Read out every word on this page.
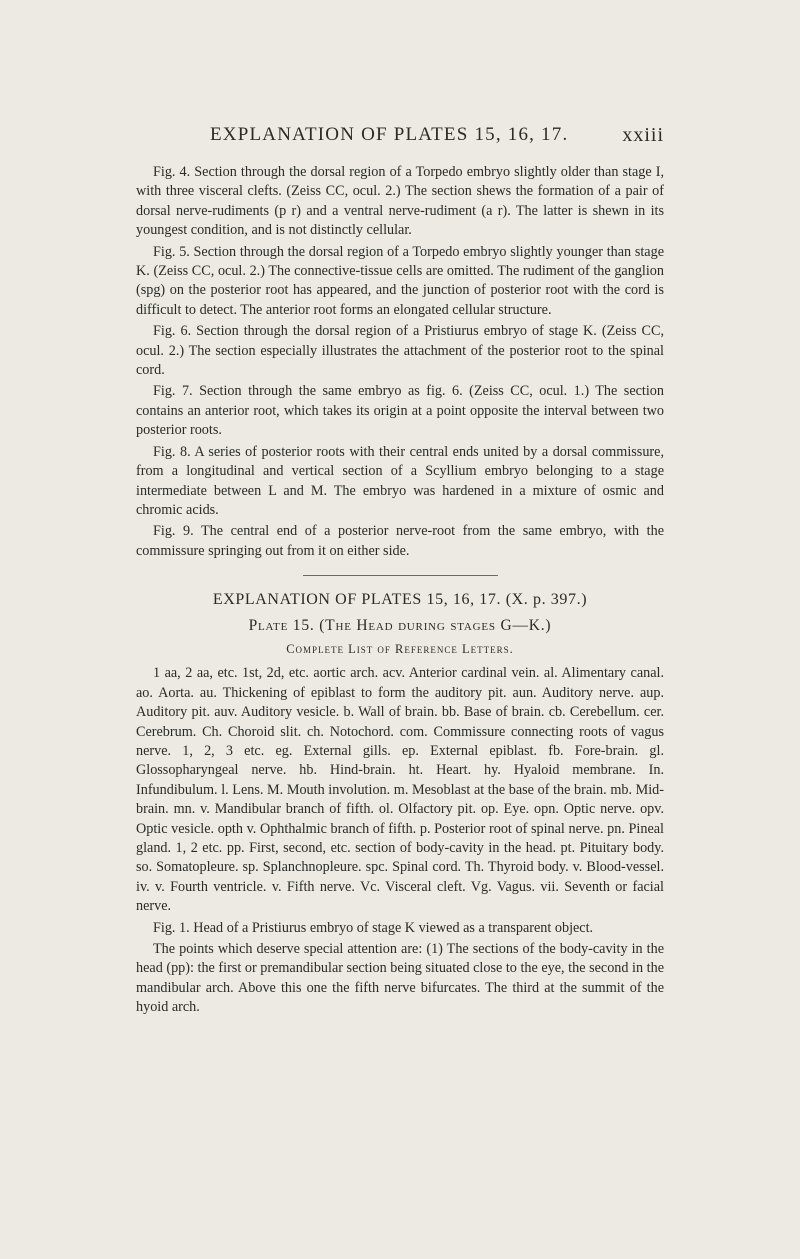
EXPLANATION OF PLATES 15, 16, 17.	xxiii

Fig. 4. Section through the dorsal region of a Torpedo embryo slightly older than stage I, with three visceral clefts. (Zeiss CC, ocul. 2.) The section shews the formation of a pair of dorsal nerve-rudiments (p r) and a ventral nerve-rudiment (a r). The latter is shewn in its youngest condition, and is not distinctly cellular.

Fig. 5. Section through the dorsal region of a Torpedo embryo slightly younger than stage K. (Zeiss CC, ocul. 2.) The connective-tissue cells are omitted. The rudiment of the ganglion (spg) on the posterior root has appeared, and the junction of posterior root with the cord is difficult to detect. The anterior root forms an elongated cellular structure.

Fig. 6. Section through the dorsal region of a Pristiurus embryo of stage K. (Zeiss CC, ocul. 2.) The section especially illustrates the attachment of the posterior root to the spinal cord.

Fig. 7. Section through the same embryo as fig. 6. (Zeiss CC, ocul. 1.) The section contains an anterior root, which takes its origin at a point opposite the interval between two posterior roots.

Fig. 8. A series of posterior roots with their central ends united by a dorsal commissure, from a longitudinal and vertical section of a Scyllium embryo belonging to a stage intermediate between L and M. The embryo was hardened in a mixture of osmic and chromic acids.

Fig. 9. The central end of a posterior nerve-root from the same embryo, with the commissure springing out from it on either side.

EXPLANATION OF PLATES 15, 16, 17. (X. p. 397.)

Plate 15. (The Head during stages G—K.)

Complete List of Reference Letters.

1 aa, 2 aa, etc. 1st, 2d, etc. aortic arch. acv. Anterior cardinal vein. al. Alimentary canal. ao. Aorta. au. Thickening of epiblast to form the auditory pit. aun. Auditory nerve. aup. Auditory pit. auv. Auditory vesicle. b. Wall of brain. bb. Base of brain. cb. Cerebellum. cer. Cerebrum. Ch. Choroid slit. ch. Notochord. com. Commissure connecting roots of vagus nerve. 1, 2, 3 etc. eg. External gills. ep. External epiblast. fb. Fore-brain. gl. Glossopharyngeal nerve. hb. Hind-brain. ht. Heart. hy. Hyaloid membrane. In. Infundibulum. l. Lens. M. Mouth involution. m. Mesoblast at the base of the brain. mb. Mid-brain. mn. v. Mandibular branch of fifth. ol. Olfactory pit. op. Eye. opn. Optic nerve. opv. Optic vesicle. opth v. Ophthalmic branch of fifth. p. Posterior root of spinal nerve. pn. Pineal gland. 1, 2 etc. pp. First, second, etc. section of body-cavity in the head. pt. Pituitary body. so. Somatopleure. sp. Splanchnopleure. spc. Spinal cord. Th. Thyroid body. v. Blood-vessel. iv. v. Fourth ventricle. v. Fifth nerve. Vc. Visceral cleft. Vg. Vagus. vii. Seventh or facial nerve.

Fig. 1. Head of a Pristiurus embryo of stage K viewed as a transparent object.

The points which deserve special attention are: (1) The sections of the body-cavity in the head (pp): the first or premandibular section being situated close to the eye, the second in the mandibular arch. Above this one the fifth nerve bifurcates. The third at the summit of the hyoid arch.
